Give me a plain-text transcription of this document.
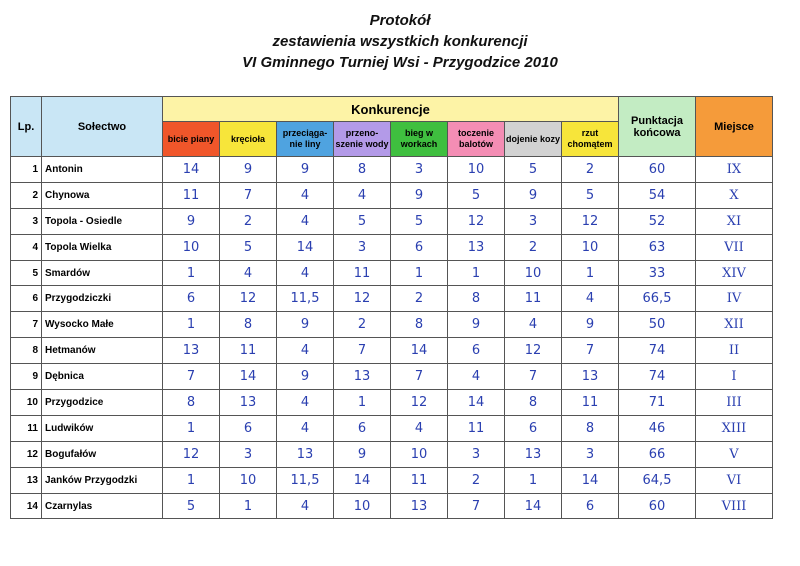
Protokół
zestawienia wszystkich konkurencji
VI Gminnego Turniej Wsi - Przygodzice 2010
Lp.	Sołectwo	Konkurencje								Punktacja końcowa	Miejsce
		bicie piany	kręcioła	przeciąga-nie liny	przeno-szenie wody	bieg w workach	toczenie balotów	dojenie kozy	rzut chomątem		
1	Antonin	14	9	9	8	3	10	5	2	60	IX
2	Chynowa	11	7	4	4	9	5	9	5	54	X
3	Topola - Osiedle	9	2	4	5	5	12	3	12	52	XI
4	Topola Wielka	10	5	14	3	6	13	2	10	63	VII
5	Smardów	1	4	4	11	1	1	10	1	33	XIV
6	Przygodziczki	6	12	11,5	12	2	8	11	4	66,5	IV
7	Wysocko Małe	1	8	9	2	8	9	4	9	50	XII
8	Hetmanów	13	11	4	7	14	6	12	7	74	II
9	Dębnica	7	14	9	13	7	4	7	13	74	I
10	Przygodzice	8	13	4	1	12	14	8	11	71	III
11	Ludwików	1	6	4	6	4	11	6	8	46	XIII
12	Bogufałów	12	3	13	9	10	3	13	3	66	V
13	Janków Przygodzki	1	10	11,5	14	11	2	1	14	64,5	VI
14	Czarnylas	5	1	4	10	13	7	14	6	60	VIII
